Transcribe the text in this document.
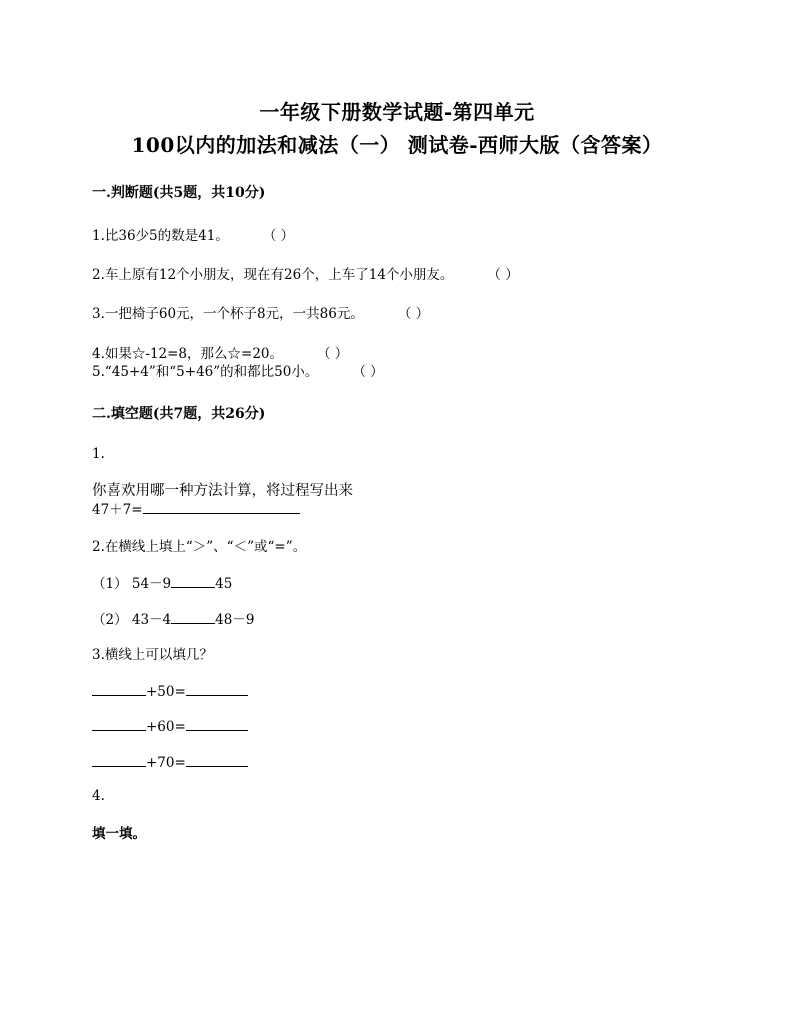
一年级下册数学试题-第四单元
100以内的加法和减法（一） 测试卷-西师大版（含答案）
一.判断题(共5题，共10分)
1.比36少5的数是41。	（ ）
2.车上原有12个小朋友，现在有26个，上车了14个小朋友。	（ ）
3.一把椅子60元，一个杯子8元，一共86元。	（ ）
4.如果☆-12=8，那么☆=20。	（ ）
5.“45+4”和“5+46”的和都比50小。	（ ）
二.填空题(共7题，共26分)
1.
你喜欢用哪一种方法计算，将过程写出来
47＋7=
2.在横线上填上“＞”、“＜”或“=”。
（1） 54－9	45
（2） 43－4	48－9
3.横线上可以填几？
+50=
+60=
+70=
4.
填一填。
